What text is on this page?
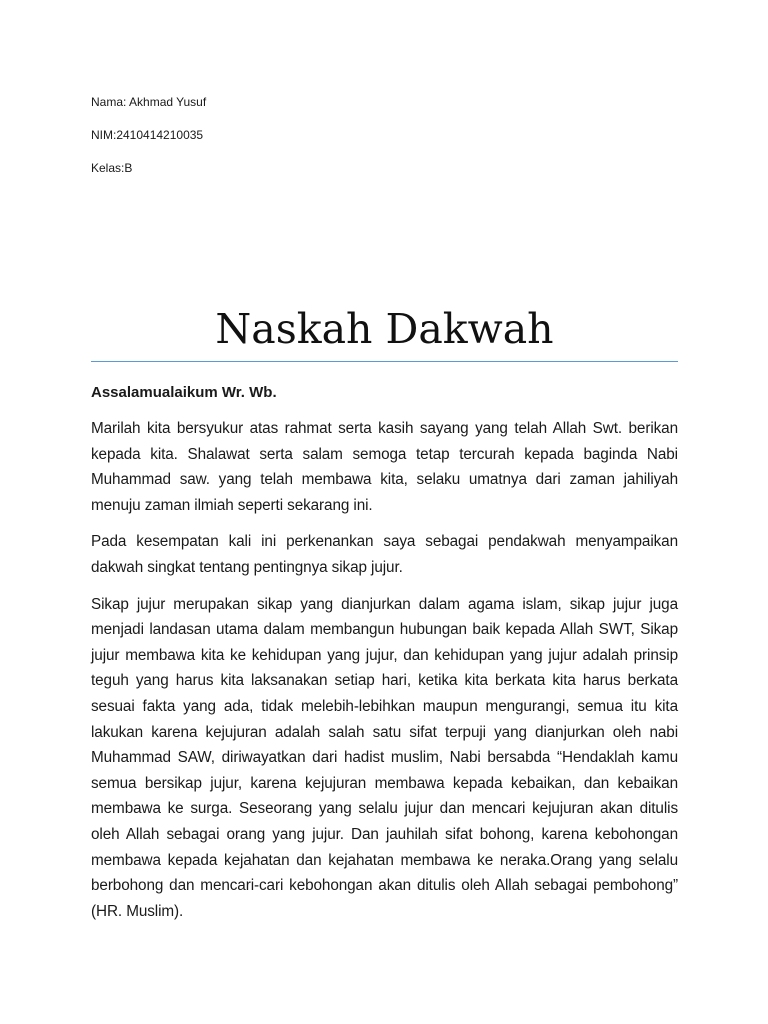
Nama: Akhmad Yusuf
NIM:2410414210035
Kelas:B
Naskah Dakwah

Assalamualaikum Wr. Wb.

Marilah kita bersyukur atas rahmat serta kasih sayang yang telah Allah Swt. berikan kepada kita. Shalawat serta salam semoga tetap tercurah kepada baginda Nabi Muhammad saw. yang telah membawa kita, selaku umatnya dari zaman jahiliyah menuju zaman ilmiah seperti sekarang ini.

Pada kesempatan kali ini perkenankan saya sebagai pendakwah menyampaikan dakwah singkat tentang pentingnya sikap jujur.

Sikap jujur merupakan sikap yang dianjurkan dalam agama islam, sikap jujur juga menjadi landasan utama dalam membangun hubungan baik kepada Allah SWT, Sikap jujur membawa kita ke kehidupan yang jujur, dan kehidupan yang jujur adalah prinsip teguh yang harus kita laksanakan setiap hari, ketika kita berkata kita harus berkata sesuai fakta yang ada, tidak melebih-lebihkan maupun mengurangi, semua itu kita lakukan karena kejujuran adalah salah satu sifat terpuji yang dianjurkan oleh nabi Muhammad SAW, diriwayatkan dari hadist muslim, Nabi bersabda “Hendaklah kamu semua bersikap jujur, karena kejujuran membawa kepada kebaikan, dan kebaikan membawa ke surga. Seseorang yang selalu jujur dan mencari kejujuran akan ditulis oleh Allah sebagai orang yang jujur. Dan jauhilah sifat bohong, karena kebohongan membawa kepada kejahatan dan kejahatan membawa ke neraka.Orang yang selalu berbohong dan mencari-cari kebohongan akan ditulis oleh Allah sebagai pembohong” (HR. Muslim).
